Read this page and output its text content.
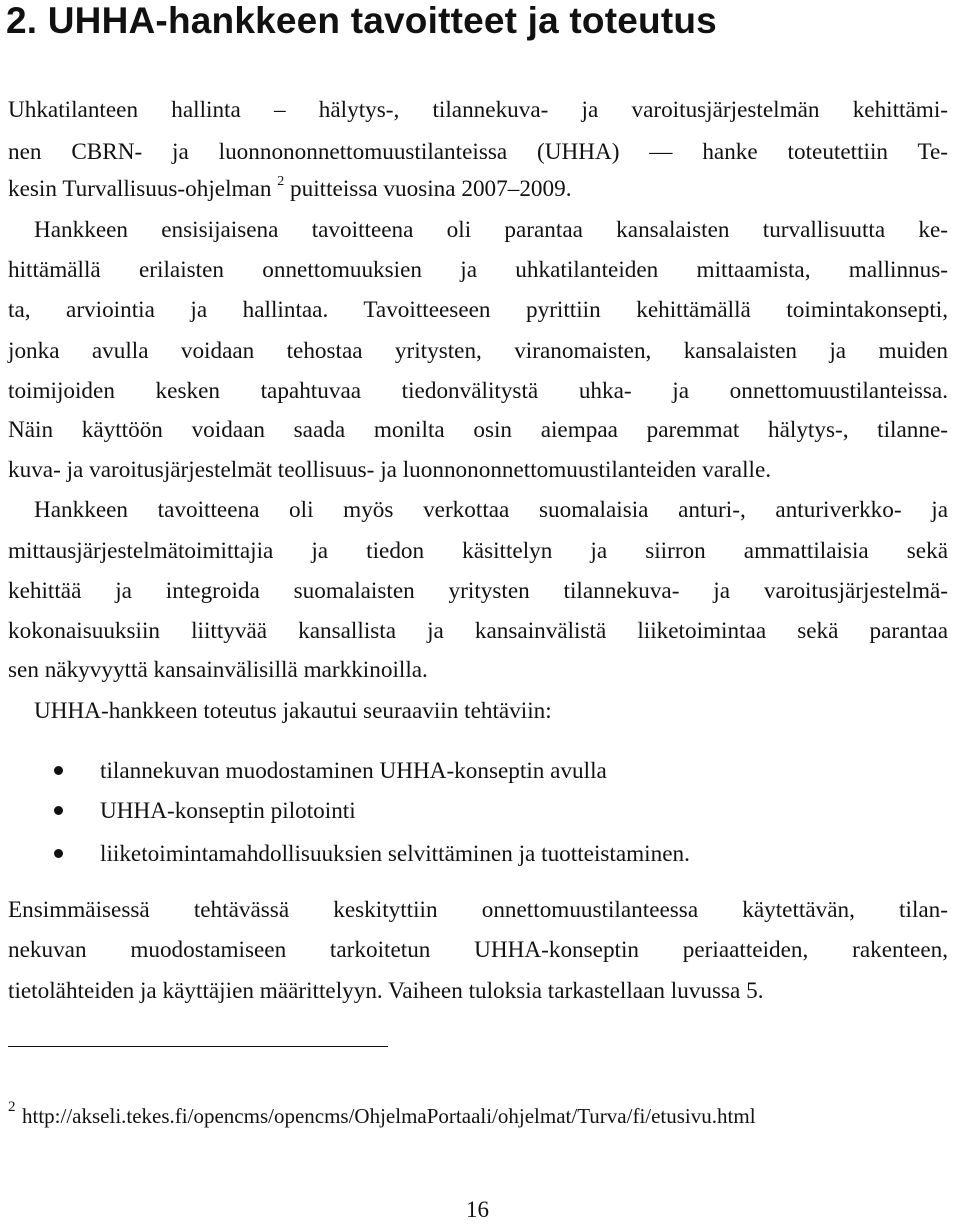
2. UHHA-hankkeen tavoitteet ja toteutus
Uhkatilanteen hallinta – hälytys-, tilannekuva- ja varoitusjärjestelmän kehittämi-
nen CBRN- ja luonnononnettomuustilanteissa (UHHA) — hanke toteutettiin Te-
kesin Turvallisuus-ohjelman $^2$ puitteissa vuosina 2007–2009.
Hankkeen ensisijaisena tavoitteena oli parantaa kansalaisten turvallisuutta ke-
hittämällä erilaisten onnettomuuksien ja uhkatilanteiden mittaamista, mallinnus-
ta, arviointia ja hallintaa. Tavoitteeseen pyrittiin kehittämällä toimintakonsepti,
jonka avulla voidaan tehostaa yritysten, viranomaisten, kansalaisten ja muiden
toimijoiden kesken tapahtuvaa tiedonvälitystä uhka- ja onnettomuustilanteissa.
Näin käyttöön voidaan saada monilta osin aiempaa paremmat hälytys-, tilanne-
kuva- ja varoitusjärjestelmät teollisuus- ja luonnononnettomuustilanteiden varalle.
Hankkeen tavoitteena oli myös verkottaa suomalaisia anturi-, anturiverkko- ja
mittausjärjestelmätoimittajia ja tiedon käsittelyn ja siirron ammattilaisia sekä
kehittää ja integroida suomalaisten yritysten tilannekuva- ja varoitusjärjestelmä-
kokonaisuuksiin liittyvää kansallista ja kansainvälistä liiketoimintaa sekä parantaa
sen näkyvyyttä kansainvälisillä markkinoilla.
UHHA-hankkeen toteutus jakautui seuraaviin tehtäviin:
tilannekuvan muodostaminen UHHA-konseptin avulla
UHHA-konseptin pilotointi
liiketoimintamahdollisuuksien selvittäminen ja tuotteistaminen.
Ensimmäisessä tehtävässä keskityttiin onnettomuustilanteessa käytettävän, tilan-
nekuvan muodostamiseen tarkoitetun UHHA-konseptin periaatteiden, rakenteen,
tietolähteiden ja käyttäjien määrittelyyn. Vaiheen tuloksia tarkastellaan luvussa 5.
2 http://akseli.tekes.fi/opencms/opencms/OhjelmaPortaali/ohjelmat/Turva/fi/etusivu.html
16
